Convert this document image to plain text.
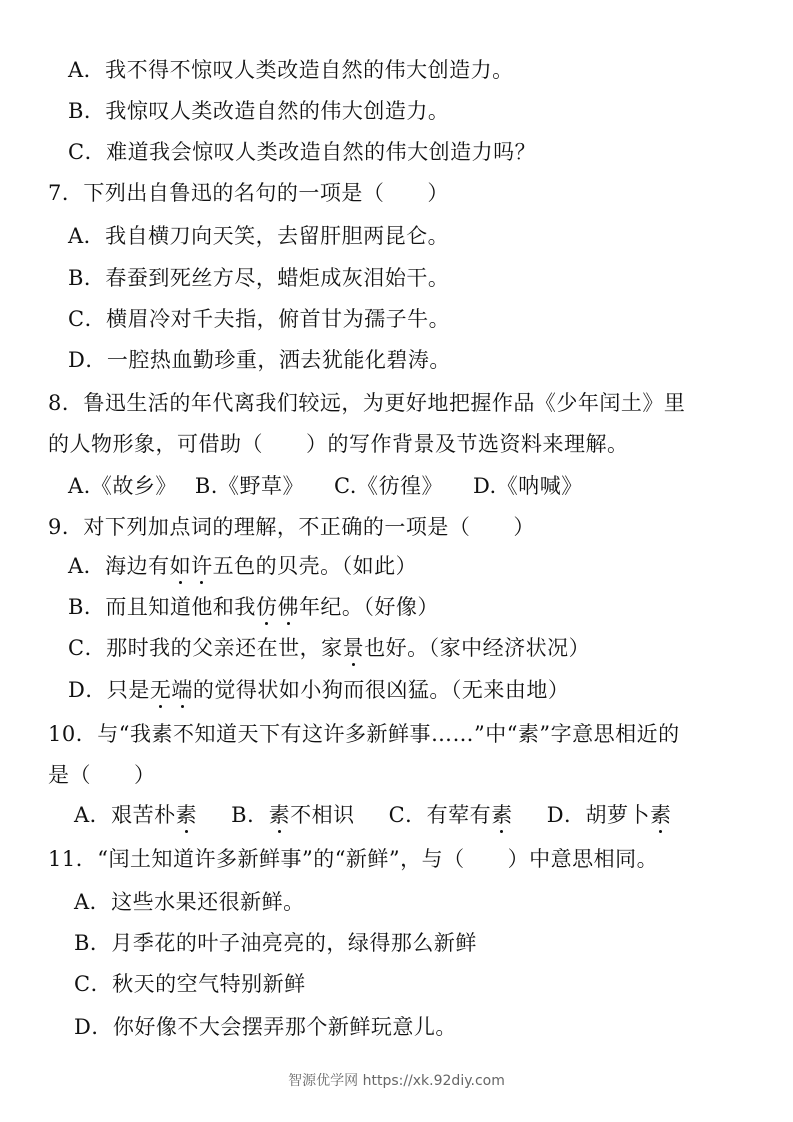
A．我不得不惊叹人类改造自然的伟大创造力。
B．我惊叹人类改造自然的伟大创造力。
C．难道我会惊叹人类改造自然的伟大创造力吗？
7．下列出自鲁迅的名句的一项是（　　）
A．我自横刀向天笑，去留肝胆两昆仑。
B．春蚕到死丝方尽，蜡炬成灰泪始干。
C．横眉冷对千夫指，俯首甘为孺子牛。
D．一腔热血勤珍重，洒去犹能化碧涛。
8．鲁迅生活的年代离我们较远，为更好地把握作品《少年闰土》里
的人物形象，可借助（　　）的写作背景及节选资料来理解。
A.《故乡》 B.《野草》 C.《彷徨》 D.《呐喊》
9．对下列加点词的理解，不正确的一项是（　　）
A．海边有如许五色的贝壳。（如此）
B．而且知道他和我仿佛年纪。（好像）
C．那时我的父亲还在世，家景也好。（家中经济状况）
D．只是无端的觉得状如小狗而很凶猛。（无来由地）
10．与“我素不知道天下有这许多新鲜事……”中“素”字意思相近的
是（　　）
A．艰苦朴素 B．素不相识 C．有荤有素 D．胡萝卜素
11．“闰土知道许多新鲜事”的“新鲜”，与（　　）中意思相同。
A．这些水果还很新鲜。
B．月季花的叶子油亮亮的，绿得那么新鲜
C．秋天的空气特别新鲜
D．你好像不大会摆弄那个新鲜玩意儿。
智源优学网 https://xk.92diy.com
